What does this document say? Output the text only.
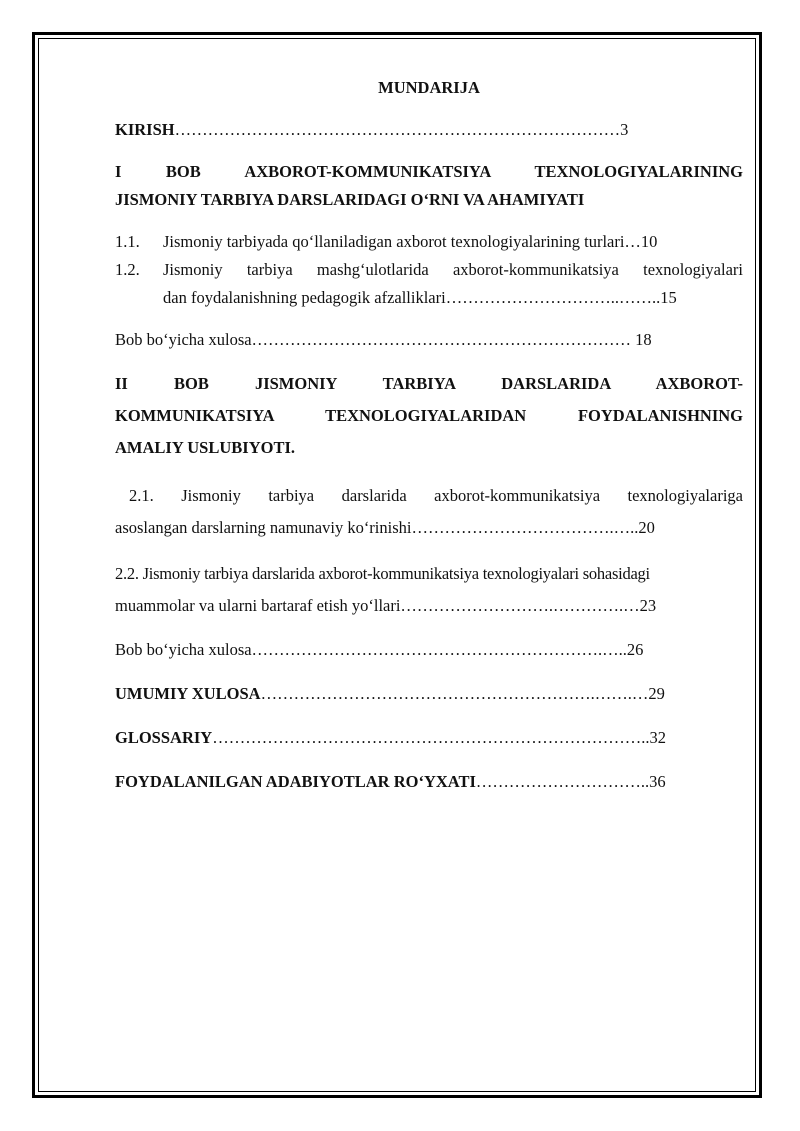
MUNDARIJA
KIRISH………………………………………………………………………3
I BOB AXBOROT-KOMMUNIKATSIYA TEXNOLOGIYALARINING
JISMONIY TARBIYA DARSLARIDAGI O‘RNI VA AHAMIYATI
1.1.	Jismoniy tarbiyada qo‘llaniladigan axborot texnologiyalarining turlari…10
1.2.	Jismoniy tarbiya mashg‘ulotlarida axborot-kommunikatsiya texnologiyalari
dan foydalanishning pedagogik afzalliklari…………………………..……..15
Bob bo‘yicha xulosa…………………………………………………………… 18
II BOB JISMONIY TARBIYA DARSLARIDA AXBOROT-
KOMMUNIKATSIYA TEXNOLOGIYALARIDAN FOYDALANISHNING
AMALIY USLUBIYOTI.
2.1. Jismoniy tarbiya darslarida axborot-kommunikatsiya texnologiyalariga
asoslangan darslarning namunaviy ko‘rinishi……………………………….…..20
2.2. Jismoniy tarbiya darslarida axborot-kommunikatsiya texnologiyalari sohasidagi
muammolar va ularni bartaraf etish yo‘llari……………………….………….…23
Bob bo‘yicha xulosa……………………………………………………….…..26
UMUMIY XULOSA…………………………………………………….…….…29
GLOSSARIY……………………………………………………………………..32
FOYDALANILGAN ADABIYOTLAR RO‘YXATI…………………………..36
